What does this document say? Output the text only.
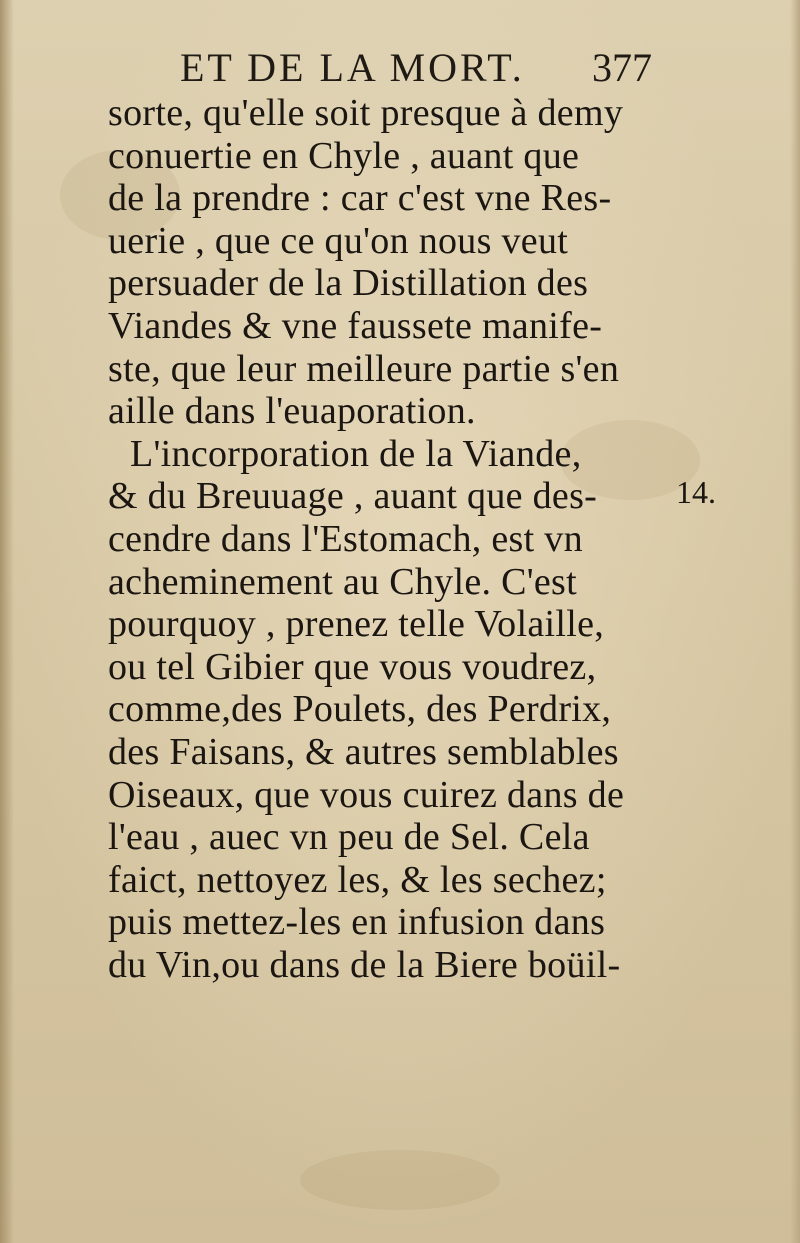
ET DE LA MORT. 377
sorte, qu'elle soit presque à demy
conuertie en Chyle , auant que
de la prendre : car c'est vne Res-
uerie , que ce qu'on nous veut
persuader de la Distillation des
Viandes & vne faussete manife-
ste, que leur meilleure partie s'en
aille dans l'euaporation.
L'incorporation de la Viande,
& du Breuuage , auant que des-
cendre dans l'Estomach, est vn
acheminement au Chyle. C'est
pourquoy , prenez telle Volaille,
ou tel Gibier que vous voudrez,
comme,des Poulets, des Perdrix,
des Faisans, & autres semblables
Oiseaux, que vous cuirez dans de
l'eau , auec vn peu de Sel. Cela
faict, nettoyez les, & les sechez;
puis mettez-les en infusion dans
du Vin,ou dans de la Biere boüil-
14.
